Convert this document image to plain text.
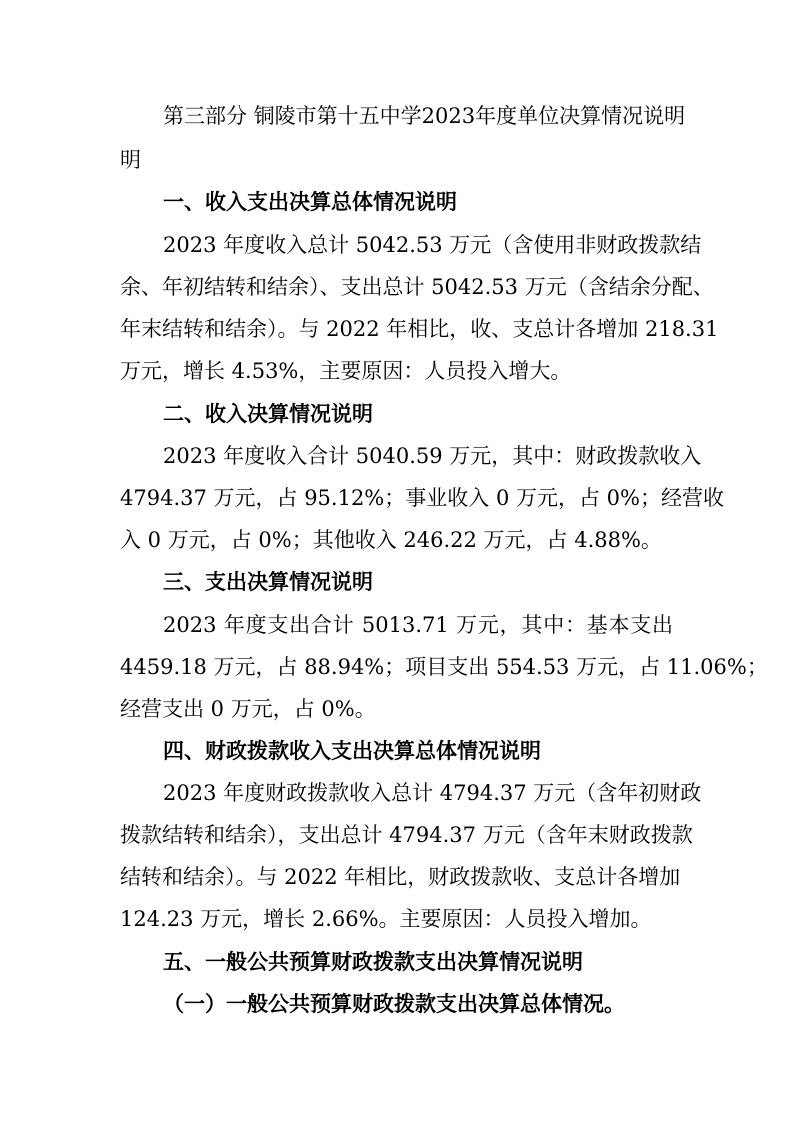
第三部分 铜陵市第十五中学2023年度单位决算情况说明
明
一、收入支出决算总体情况说明
2023 年度收入总计 5042.53 万元（含使用非财政拨款结
余、年初结转和结余）、支出总计 5042.53 万元（含结余分配、
年末结转和结余）。与 2022 年相比，收、支总计各增加 218.31
万元，增长 4.53%，主要原因：人员投入增大。
二、收入决算情况说明
2023 年度收入合计 5040.59 万元，其中：财政拨款收入
4794.37 万元，占 95.12%；事业收入 0 万元，占 0%；经营收
入 0 万元，占 0%；其他收入 246.22 万元，占 4.88%。
三、支出决算情况说明
2023 年度支出合计 5013.71 万元，其中：基本支出
4459.18 万元，占 88.94%；项目支出 554.53 万元，占 11.06%；
经营支出 0 万元，占 0%。
四、财政拨款收入支出决算总体情况说明
2023 年度财政拨款收入总计 4794.37 万元（含年初财政
拨款结转和结余），支出总计 4794.37 万元（含年末财政拨款
结转和结余）。与 2022 年相比，财政拨款收、支总计各增加
124.23 万元，增长 2.66%。主要原因：人员投入增加。
五、一般公共预算财政拨款支出决算情况说明
（一）一般公共预算财政拨款支出决算总体情况。
